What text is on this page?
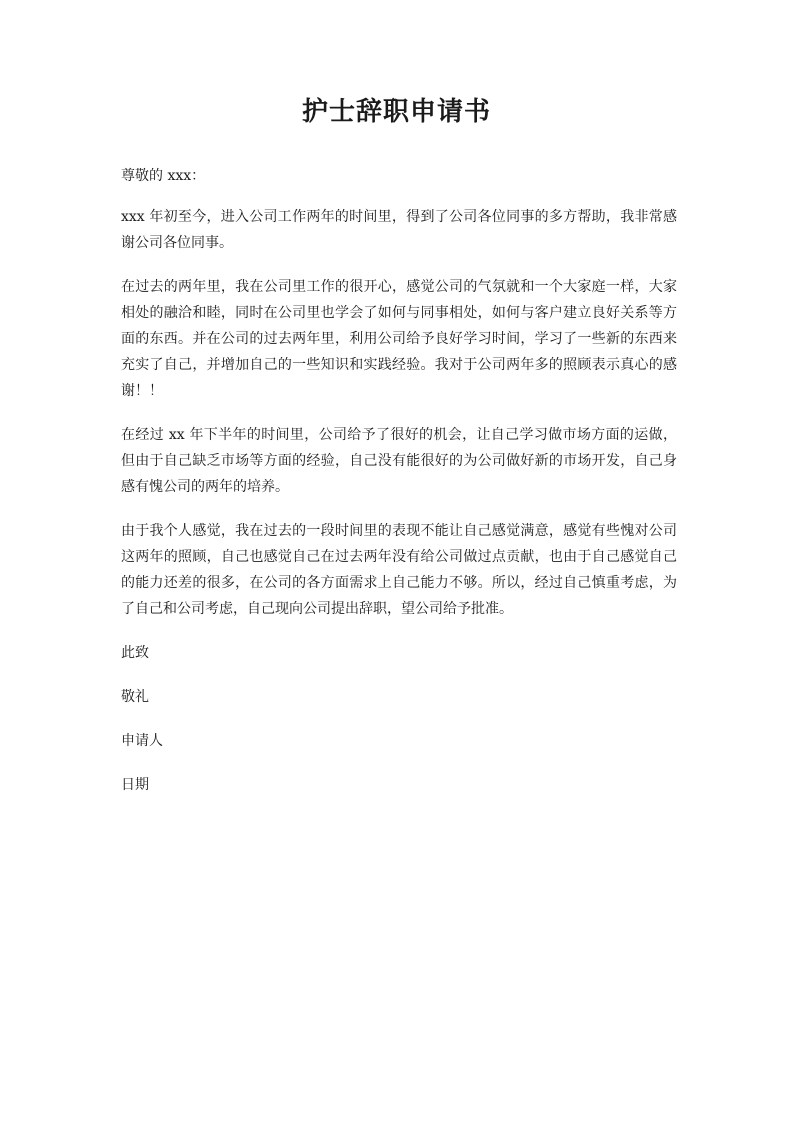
护士辞职申请书

尊敬的 xxx：

xxx 年初至今，进入公司工作两年的时间里，得到了公司各位同事的多方帮助，我非常感谢公司各位同事。

在过去的两年里，我在公司里工作的很开心，感觉公司的气氛就和一个大家庭一样，大家相处的融洽和睦，同时在公司里也学会了如何与同事相处，如何与客户建立良好关系等方面的东西。并在公司的过去两年里，利用公司给予良好学习时间，学习了一些新的东西来充实了自己，并增加自己的一些知识和实践经验。我对于公司两年多的照顾表示真心的感谢！！

在经过 xx 年下半年的时间里，公司给予了很好的机会，让自己学习做市场方面的运做，但由于自己缺乏市场等方面的经验，自己没有能很好的为公司做好新的市场开发，自己身感有愧公司的两年的培养。

由于我个人感觉，我在过去的一段时间里的表现不能让自己感觉满意，感觉有些愧对公司这两年的照顾，自己也感觉自己在过去两年没有给公司做过点贡献，也由于自己感觉自己的能力还差的很多，在公司的各方面需求上自己能力不够。所以，经过自己慎重考虑，为了自己和公司考虑，自己现向公司提出辞职，望公司给予批准。

此致

敬礼

申请人

日期
